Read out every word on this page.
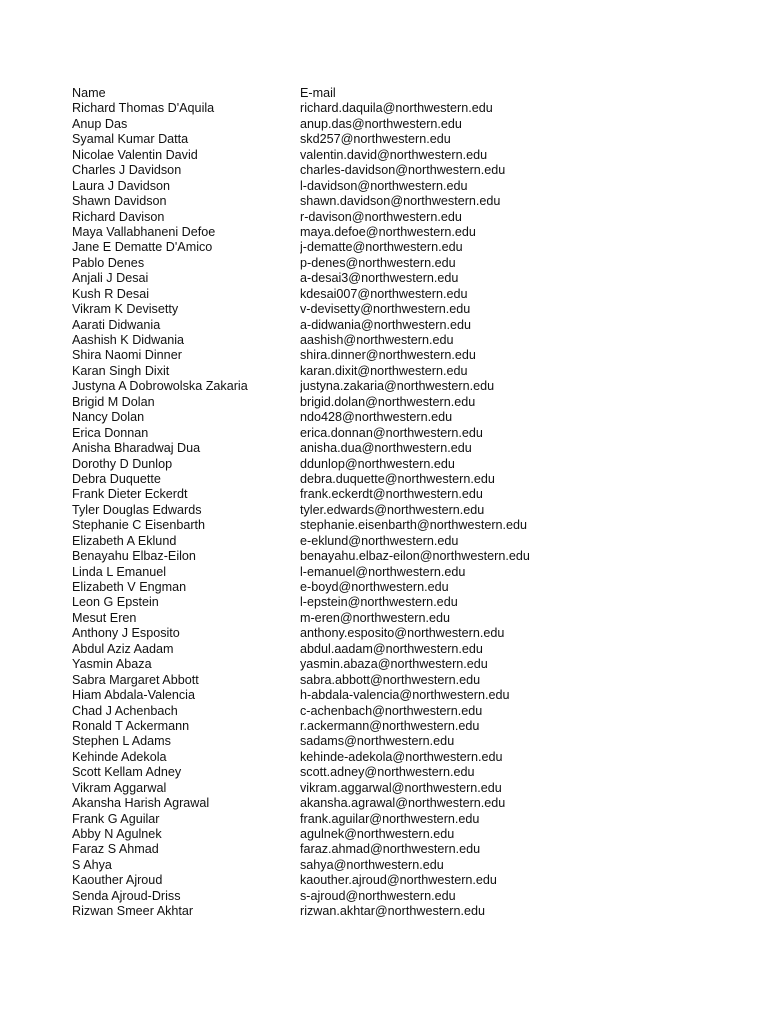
Name	E-mail
Richard Thomas D'Aquila	richard.daquila@northwestern.edu
Anup Das	anup.das@northwestern.edu
Syamal Kumar Datta	skd257@northwestern.edu
Nicolae Valentin David	valentin.david@northwestern.edu
Charles J Davidson	charles-davidson@northwestern.edu
Laura J Davidson	l-davidson@northwestern.edu
Shawn Davidson	shawn.davidson@northwestern.edu
Richard Davison	r-davison@northwestern.edu
Maya Vallabhaneni Defoe	maya.defoe@northwestern.edu
Jane E Dematte D'Amico	j-dematte@northwestern.edu
Pablo Denes	p-denes@northwestern.edu
Anjali J Desai	a-desai3@northwestern.edu
Kush R Desai	kdesai007@northwestern.edu
Vikram K Devisetty	v-devisetty@northwestern.edu
Aarati Didwania	a-didwania@northwestern.edu
Aashish K Didwania	aashish@northwestern.edu
Shira Naomi Dinner	shira.dinner@northwestern.edu
Karan Singh Dixit	karan.dixit@northwestern.edu
Justyna A Dobrowolska Zakaria	justyna.zakaria@northwestern.edu
Brigid M Dolan	brigid.dolan@northwestern.edu
Nancy Dolan	ndo428@northwestern.edu
Erica Donnan	erica.donnan@northwestern.edu
Anisha Bharadwaj Dua	anisha.dua@northwestern.edu
Dorothy D Dunlop	ddunlop@northwestern.edu
Debra Duquette	debra.duquette@northwestern.edu
Frank Dieter Eckerdt	frank.eckerdt@northwestern.edu
Tyler Douglas Edwards	tyler.edwards@northwestern.edu
Stephanie C Eisenbarth	stephanie.eisenbarth@northwestern.edu
Elizabeth A Eklund	e-eklund@northwestern.edu
Benayahu Elbaz-Eilon	benayahu.elbaz-eilon@northwestern.edu
Linda L Emanuel	l-emanuel@northwestern.edu
Elizabeth V Engman	e-boyd@northwestern.edu
Leon G Epstein	l-epstein@northwestern.edu
Mesut Eren	m-eren@northwestern.edu
Anthony J Esposito	anthony.esposito@northwestern.edu
Abdul Aziz Aadam	abdul.aadam@northwestern.edu
Yasmin Abaza	yasmin.abaza@northwestern.edu
Sabra Margaret Abbott	sabra.abbott@northwestern.edu
Hiam Abdala-Valencia	h-abdala-valencia@northwestern.edu
Chad J Achenbach	c-achenbach@northwestern.edu
Ronald T Ackermann	r.ackermann@northwestern.edu
Stephen L Adams	sadams@northwestern.edu
Kehinde Adekola	kehinde-adekola@northwestern.edu
Scott Kellam Adney	scott.adney@northwestern.edu
Vikram Aggarwal	vikram.aggarwal@northwestern.edu
Akansha Harish Agrawal	akansha.agrawal@northwestern.edu
Frank G Aguilar	frank.aguilar@northwestern.edu
Abby N Agulnek	agulnek@northwestern.edu
Faraz S Ahmad	faraz.ahmad@northwestern.edu
S Ahya	sahya@northwestern.edu
Kaouther Ajroud	kaouther.ajroud@northwestern.edu
Senda Ajroud-Driss	s-ajroud@northwestern.edu
Rizwan Smeer Akhtar	rizwan.akhtar@northwestern.edu
